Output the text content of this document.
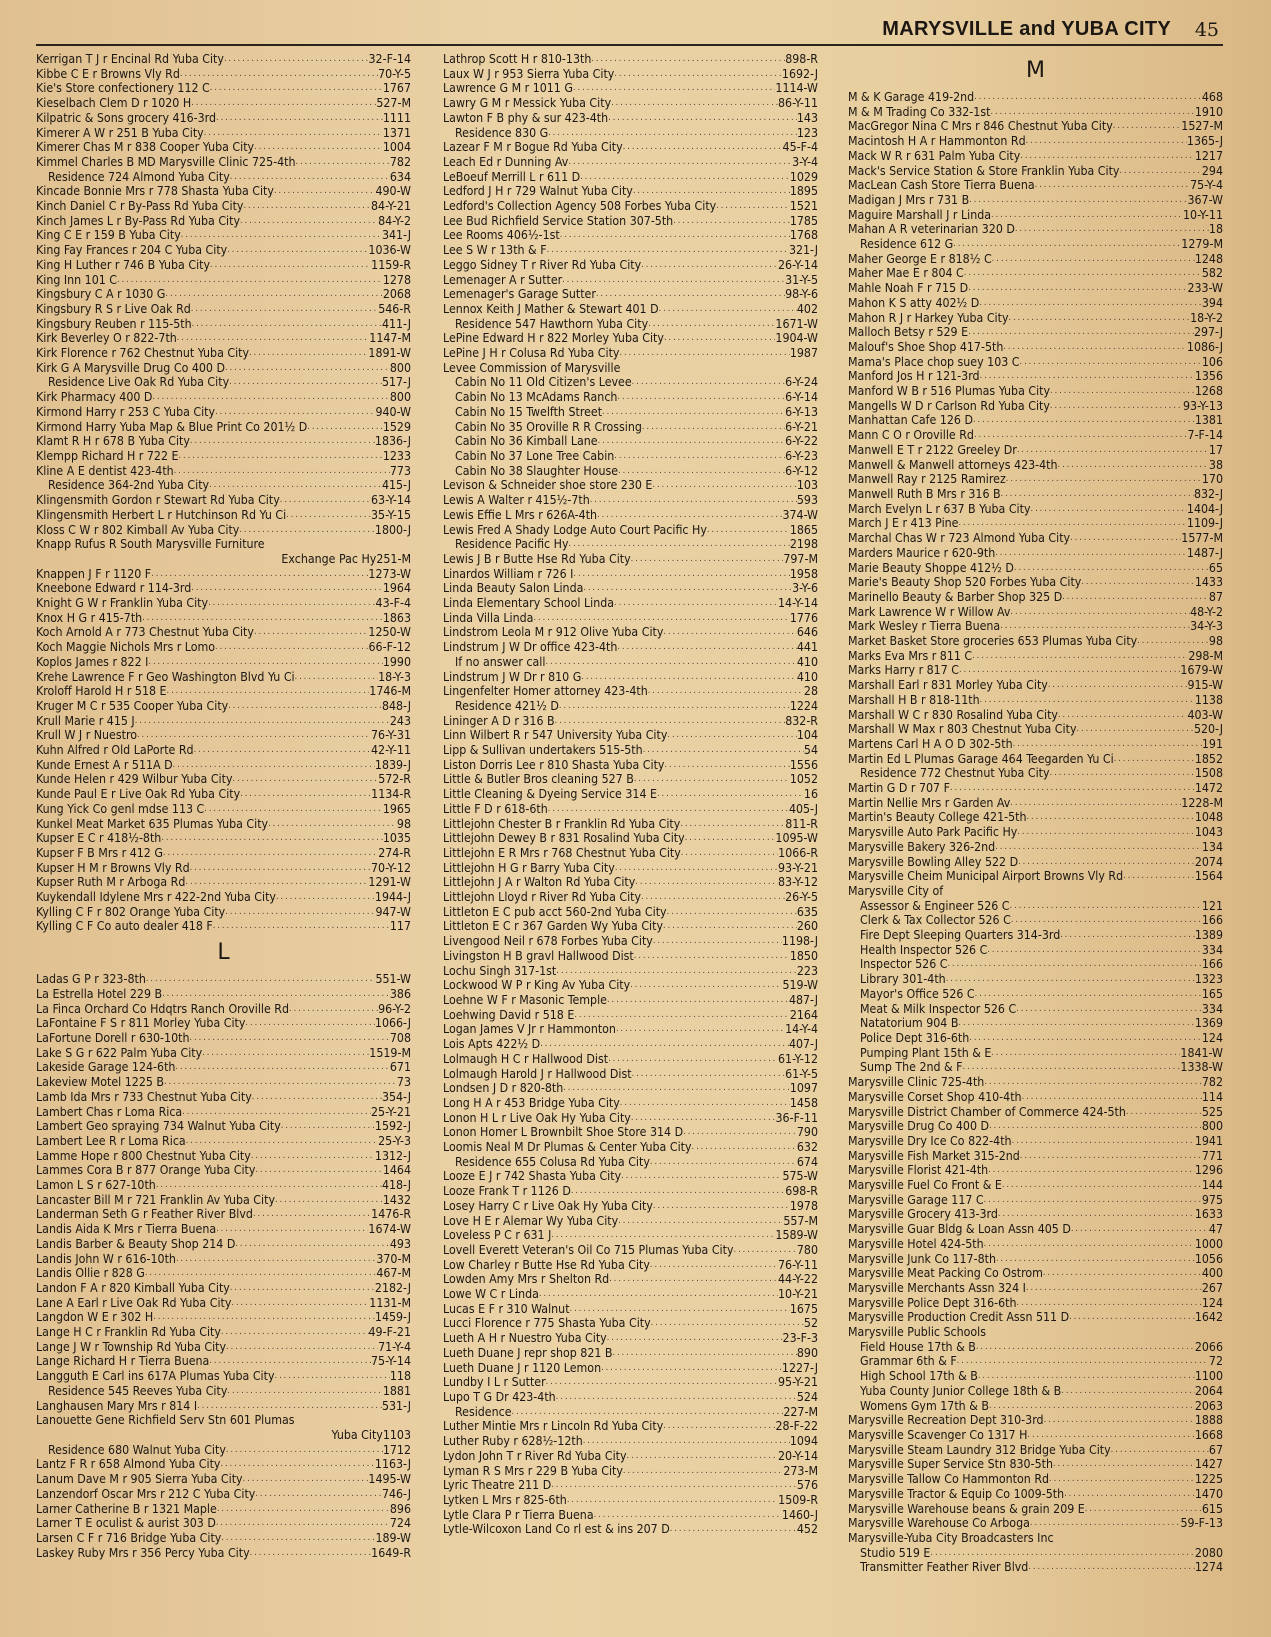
MARYSVILLE and YUBA CITY 45
Kerrigan T J r Encinal Rd Yuba City .....	32-F-14
Kibbe C E r Browns Vly Rd .....	70-Y-5
Kie's Store confectionery 112 C .....	1767
Kieselbach Clem D r 1020 H .....	527-M
Kilpatric & Sons grocery 416-3rd .....	1111
Kimerer A W r 251 B Yuba City .....	1371
Kimerer Chas M r 838 Cooper Yuba City .....	1004
Kimmel Charles B MD Marysville Clinic 725-4th .....	782
Residence 724 Almond Yuba City .....	634
Kincade Bonnie Mrs r 778 Shasta Yuba City .....	490-W
Kinch Daniel C r By-Pass Rd Yuba City .....	84-Y-21
Kinch James L r By-Pass Rd Yuba City .....	84-Y-2
King C E r 159 B Yuba City .....	341-J
King Fay Frances r 204 C Yuba City .....	1036-W
King H Luther r 746 B Yuba City .....	1159-R
King Inn 101 C .....	1278
Kingsbury C A r 1030 G .....	2068
Kingsbury R S r Live Oak Rd .....	546-R
Kingsbury Reuben r 115-5th .....	411-J
Kirk Beverley O r 822-7th .....	1147-M
Kirk Florence r 762 Chestnut Yuba City .....	1891-W
Kirk G A Marysville Drug Co 400 D .....	800
Residence Live Oak Rd Yuba City .....	517-J
Kirk Pharmacy 400 D .....	800
Kirmond Harry r 253 C Yuba City .....	940-W
Kirmond Harry Yuba Map & Blue Print Co 201½ D .....	1529
Klamt R H r 678 B Yuba City .....	1836-J
Klempp Richard H r 722 E .....	1233
Kline A E dentist 423-4th .....	773
Residence 364-2nd Yuba City .....	415-J
Klingensmith Gordon r Stewart Rd Yuba City .....	63-Y-14
Klingensmith Herbert L r Hutchinson Rd Yu Ci .....	35-Y-15
Kloss C W r 802 Kimball Av Yuba City .....	1800-J
Knapp Rufus R South Marysville Furniture
Exchange Pac Hy 251-M
Knappen J F r 1120 F .....	1273-W
Kneebone Edward r 114-3rd .....	1964
Knight G W r Franklin Yuba City .....	43-F-4
Knox H G r 415-7th .....	1863
Koch Arnold A r 773 Chestnut Yuba City .....	1250-W
Koch Maggie Nichols Mrs r Lomo .....	66-F-12
Koplos James r 822 I .....	1990
Krehe Lawrence F r Geo Washington Blvd Yu Ci .....	18-Y-3
Kroloff Harold H r 518 E .....	1746-M
Kruger M C r 535 Cooper Yuba City .....	848-J
Krull Marie r 415 J .....	243
Krull W J r Nuestro .....	76-Y-31
Kuhn Alfred r Old LaPorte Rd .....	42-Y-11
Kunde Ernest A r 511A D .....	1839-J
Kunde Helen r 429 Wilbur Yuba City .....	572-R
Kunde Paul E r Live Oak Rd Yuba City .....	1134-R
Kung Yick Co genl mdse 113 C .....	1965
Kunkel Meat Market 635 Plumas Yuba City .....	98
Kupser E C r 418½-8th .....	1035
Kupser F B Mrs r 412 G .....	274-R
Kupser H M r Browns Vly Rd .....	70-Y-12
Kupser Ruth M r Arboga Rd .....	1291-W
Kuykendall Idylene Mrs r 422-2nd Yuba City .....	1944-J
Kylling C F r 802 Orange Yuba City .....	947-W
Kylling C F Co auto dealer 418 F .....	117
L
Ladas G P r 323-8th .....	551-W
La Estrella Hotel 229 B .....	386
La Finca Orchard Co Hdqtrs Ranch Oroville Rd .....	96-Y-2
LaFontaine F S r 811 Morley Yuba City .....	1066-J
LaFortune Dorell r 630-10th .....	708
Lake S G r 622 Palm Yuba City .....	1519-M
Lakeside Garage 124-6th .....	671
Lakeview Motel 1225 B .....	73
Lamb Ida Mrs r 733 Chestnut Yuba City .....	354-J
Lambert Chas r Loma Rica .....	25-Y-21
Lambert Geo spraying 734 Walnut Yuba City .....	1592-J
Lambert Lee R r Loma Rica .....	25-Y-3
Lamme Hope r 800 Chestnut Yuba City .....	1312-J
Lammes Cora B r 877 Orange Yuba City .....	1464
Lamon L S r 627-10th .....	418-J
Lancaster Bill M r 721 Franklin Av Yuba City .....	1432
Landerman Seth G r Feather River Blvd .....	1476-R
Landis Aida K Mrs r Tierra Buena .....	1674-W
Landis Barber & Beauty Shop 214 D .....	493
Landis John W r 616-10th .....	370-M
Landis Ollie r 828 G .....	467-M
Landon F A r 820 Kimball Yuba City .....	2182-J
Lane A Earl r Live Oak Rd Yuba City .....	1131-M
Langdon W E r 302 H .....	1459-J
Lange H C r Franklin Rd Yuba City .....	49-F-21
Lange J W r Township Rd Yuba City .....	71-Y-4
Lange Richard H r Tierra Buena .....	75-Y-14
Langguth E Carl ins 617A Plumas Yuba City .....	118
Residence 545 Reeves Yuba City .....	1881
Langhausen Mary Mrs r 814 I .....	531-J
Lanouette Gene Richfield Serv Stn 601 Plumas
Yuba City 1103
Residence 680 Walnut Yuba City .....	1712
Lantz F R r 658 Almond Yuba City .....	1163-J
Lanum Dave M r 905 Sierra Yuba City .....	1495-W
Lanzendorf Oscar Mrs r 212 C Yuba City .....	746-J
Larner Catherine B r 1321 Maple .....	896
Larner T E oculist & aurist 303 D .....	724
Larsen C F r 716 Bridge Yuba City .....	189-W
Laskey Ruby Mrs r 356 Percy Yuba City .....	1649-R
Lathrop Scott H r 810-13th .....	898-R
Laux W J r 953 Sierra Yuba City .....	1692-J
Lawrence G M r 1011 G .....	1114-W
Lawry G M r Messick Yuba City .....	86-Y-11
Lawton F B phy & sur 423-4th .....	143
Residence 830 G .....	123
Lazear F M r Bogue Rd Yuba City .....	45-F-4
Leach Ed r Dunning Av .....	3-Y-4
LeBoeuf Merrill L r 611 D .....	1029
Ledford J H r 729 Walnut Yuba City .....	1895
Ledford's Collection Agency 508 Forbes Yuba City .....	1521
Lee Bud Richfield Service Station 307-5th .....	1785
Lee Rooms 406½-1st .....	1768
Lee S W r 13th & F .....	321-J
Leggo Sidney T r River Rd Yuba City .....	26-Y-14
Lemenager A r Sutter .....	31-Y-5
Lemenager's Garage Sutter .....	98-Y-6
Lennox Keith J Mather & Stewart 401 D .....	402
Residence 547 Hawthorn Yuba City .....	1671-W
LePine Edward H r 822 Morley Yuba City .....	1904-W
LePine J H r Colusa Rd Yuba City .....	1987
Levee Commission of Marysville
Cabin No 11 Old Citizen's Levee .....	6-Y-24
Cabin No 13 McAdams Ranch .....	6-Y-14
Cabin No 15 Twelfth Street .....	6-Y-13
Cabin No 35 Oroville R R Crossing .....	6-Y-21
Cabin No 36 Kimball Lane .....	6-Y-22
Cabin No 37 Lone Tree Cabin .....	6-Y-23
Cabin No 38 Slaughter House .....	6-Y-12
Levison & Schneider shoe store 230 E .....	103
Lewis A Walter r 415½-7th .....	593
Lewis Effie L Mrs r 626A-4th .....	374-W
Lewis Fred A Shady Lodge Auto Court Pacific Hy .....	1865
Residence Pacific Hy .....	2198
Lewis J B r Butte Hse Rd Yuba City .....	797-M
Linardos William r 726 I .....	1958
Linda Beauty Salon Linda .....	3-Y-6
Linda Elementary School Linda .....	14-Y-14
Linda Villa Linda .....	1776
Lindstrom Leola M r 912 Olive Yuba City .....	646
Lindstrum J W Dr office 423-4th .....	441
If no answer call .....	410
Lindstrum J W Dr r 810 G .....	410
Lingenfelter Homer attorney 423-4th .....	28
Residence 421½ D .....	1224
Lininger A D r 316 B .....	832-R
Linn Wilbert R r 547 University Yuba City .....	104
Lipp & Sullivan undertakers 515-5th .....	54
Liston Dorris Lee r 810 Shasta Yuba City .....	1556
Little & Butler Bros cleaning 527 B .....	1052
Little Cleaning & Dyeing Service 314 E .....	16
Little F D r 618-6th .....	405-J
Littlejohn Chester B r Franklin Rd Yuba City .....	811-R
Littlejohn Dewey B r 831 Rosalind Yuba City .....	1095-W
Littlejohn E R Mrs r 768 Chestnut Yuba City .....	1066-R
Littlejohn H G r Barry Yuba City .....	93-Y-21
Littlejohn J A r Walton Rd Yuba City .....	83-Y-12
Littlejohn Lloyd r River Rd Yuba City .....	26-Y-5
Littleton E C pub acct 560-2nd Yuba City .....	635
Littleton E C r 367 Garden Wy Yuba City .....	260
Livengood Neil r 678 Forbes Yuba City .....	1198-J
Livingston H B gravl Hallwood Dist .....	1850
Lochu Singh 317-1st .....	223
Lockwood W P r King Av Yuba City .....	519-W
Loehne W F r Masonic Temple .....	487-J
Loehwing David r 518 E .....	2164
Logan James V Jr r Hammonton .....	14-Y-4
Lois Apts 422½ D .....	407-J
Lolmaugh H C r Hallwood Dist .....	61-Y-12
Lolmaugh Harold J r Hallwood Dist .....	61-Y-5
Londsen J D r 820-8th .....	1097
Long H A r 453 Bridge Yuba City .....	1458
Lonon H L r Live Oak Hy Yuba City .....	36-F-11
Lonon Homer L Brownbilt Shoe Store 314 D .....	790
Loomis Neal M Dr Plumas & Center Yuba City .....	632
Residence 655 Colusa Rd Yuba City .....	674
Looze E J r 742 Shasta Yuba City .....	575-W
Looze Frank T r 1126 D .....	698-R
Losey Harry C r Live Oak Hy Yuba City .....	1978
Love H E r Alemar Wy Yuba City .....	557-M
Loveless P C r 631 J .....	1589-W
Lovell Everett Veteran's Oil Co 715 Plumas Yuba City .....	780
Low Charley r Butte Hse Rd Yuba City .....	76-Y-11
Lowden Amy Mrs r Shelton Rd .....	44-Y-22
Lowe W C r Linda .....	10-Y-21
Lucas E F r 310 Walnut .....	1675
Lucci Florence r 775 Shasta Yuba City .....	52
Lueth A H r Nuestro Yuba City .....	23-F-3
Lueth Duane J repr shop 821 B .....	890
Lueth Duane J r 1120 Lemon .....	1227-J
Lundby I L r Sutter .....	95-Y-21
Lupo T G Dr 423-4th .....	524
Residence .....	227-M
Luther Mintie Mrs r Lincoln Rd Yuba City .....	28-F-22
Luther Ruby r 628½-12th .....	1094
Lydon John T r River Rd Yuba City .....	20-Y-14
Lyman R S Mrs r 229 B Yuba City .....	273-M
Lyric Theatre 211 D .....	576
Lytken L Mrs r 825-6th .....	1509-R
Lytle Clara P r Tierra Buena .....	1460-J
Lytle-Wilcoxon Land Co rl est & ins 207 D .....	452
M
M & K Garage 419-2nd .....	468
M & M Trading Co 332-1st .....	1910
MacGregor Nina C Mrs r 846 Chestnut Yuba City .....	1527-M
Macintosh H A r Hammonton Rd .....	1365-J
Mack W R r 631 Palm Yuba City .....	1217
Mack's Service Station & Store Franklin Yuba City .....	294
MacLean Cash Store Tierra Buena .....	75-Y-4
Madigan J Mrs r 731 B .....	367-W
Maguire Marshall J r Linda .....	10-Y-11
Mahan A R veterinarian 320 D .....	18
Residence 612 G .....	1279-M
Maher George E r 818½ C .....	1248
Maher Mae E r 804 C .....	582
Mahle Noah F r 715 D .....	233-W
Mahon K S atty 402½ D .....	394
Mahon R J r Harkey Yuba City .....	18-Y-2
Malloch Betsy r 529 E .....	297-J
Malouf's Shoe Shop 417-5th .....	1086-J
Mama's Place chop suey 103 C .....	106
Manford Jos H r 121-3rd .....	1356
Manford W B r 516 Plumas Yuba City .....	1268
Mangells W D r Carlson Rd Yuba City .....	93-Y-13
Manhattan Cafe 126 D .....	1381
Mann C O r Oroville Rd .....	7-F-14
Manwell E T r 2122 Greeley Dr .....	17
Manwell & Manwell attorneys 423-4th .....	38
Manwell Ray r 2125 Ramirez .....	170
Manwell Ruth B Mrs r 316 B .....	832-J
March Evelyn L r 637 B Yuba City .....	1404-J
March J E r 413 Pine .....	1109-J
Marchal Chas W r 723 Almond Yuba City .....	1577-M
Marders Maurice r 620-9th .....	1487-J
Marie Beauty Shoppe 412½ D .....	65
Marie's Beauty Shop 520 Forbes Yuba City .....	1433
Marinello Beauty & Barber Shop 325 D .....	87
Mark Lawrence W r Willow Av .....	48-Y-2
Mark Wesley r Tierra Buena .....	34-Y-3
Market Basket Store groceries 653 Plumas Yuba City .....	98
Marks Eva Mrs r 811 C .....	298-M
Marks Harry r 817 C .....	1679-W
Marshall Earl r 831 Morley Yuba City .....	915-W
Marshall H B r 818-11th .....	1138
Marshall W C r 830 Rosalind Yuba City .....	403-W
Marshall W Max r 803 Chestnut Yuba City .....	520-J
Martens Carl H A O D 302-5th .....	191
Martin Ed L Plumas Garage 464 Teegarden Yu Ci .....	1852
Residence 772 Chestnut Yuba City .....	1508
Martin G D r 707 F .....	1472
Martin Nellie Mrs r Garden Av .....	1228-M
Martin's Beauty College 421-5th .....	1048
Marysville Auto Park Pacific Hy .....	1043
Marysville Bakery 326-2nd .....	134
Marysville Bowling Alley 522 D .....	2074
Marysville Cheim Municipal Airport Browns Vly Rd .....	1564
Marysville City of
Assessor & Engineer 526 C .....	121
Clerk & Tax Collector 526 C .....	166
Fire Dept Sleeping Quarters 314-3rd .....	1389
Health Inspector 526 C .....	334
Inspector 526 C .....	166
Library 301-4th .....	1323
Mayor's Office 526 C .....	165
Meat & Milk Inspector 526 C .....	334
Natatorium 904 B .....	1369
Police Dept 316-6th .....	124
Pumping Plant 15th & E .....	1841-W
Sump The 2nd & F .....	1338-W
Marysville Clinic 725-4th .....	782
Marysville Corset Shop 410-4th .....	114
Marysville District Chamber of Commerce 424-5th .....	525
Marysville Drug Co 400 D .....	800
Marysville Dry Ice Co 822-4th .....	1941
Marysville Fish Market 315-2nd .....	771
Marysville Florist 421-4th .....	1296
Marysville Fuel Co Front & E .....	144
Marysville Garage 117 C .....	975
Marysville Grocery 413-3rd .....	1633
Marysville Guar Bldg & Loan Assn 405 D .....	47
Marysville Hotel 424-5th .....	1000
Marysville Junk Co 117-8th .....	1056
Marysville Meat Packing Co Ostrom .....	400
Marysville Merchants Assn 324 I .....	267
Marysville Police Dept 316-6th .....	124
Marysville Production Credit Assn 511 D .....	1642
Marysville Public Schools
Field House 17th & B .....	2066
Grammar 6th & F .....	72
High School 17th & B .....	1100
Yuba County Junior College 18th & B .....	2064
Womens Gym 17th & B .....	2063
Marysville Recreation Dept 310-3rd .....	1888
Marysville Scavenger Co 1317 H .....	1668
Marysville Steam Laundry 312 Bridge Yuba City .....	67
Marysville Super Service Stn 830-5th .....	1427
Marysville Tallow Co Hammonton Rd .....	1225
Marysville Tractor & Equip Co 1009-5th .....	1470
Marysville Warehouse beans & grain 209 E .....	615
Marysville Warehouse Co Arboga .....	59-F-13
Marysville-Yuba City Broadcasters Inc
Studio 519 E .....	2080
Transmitter Feather River Blvd .....	1274
